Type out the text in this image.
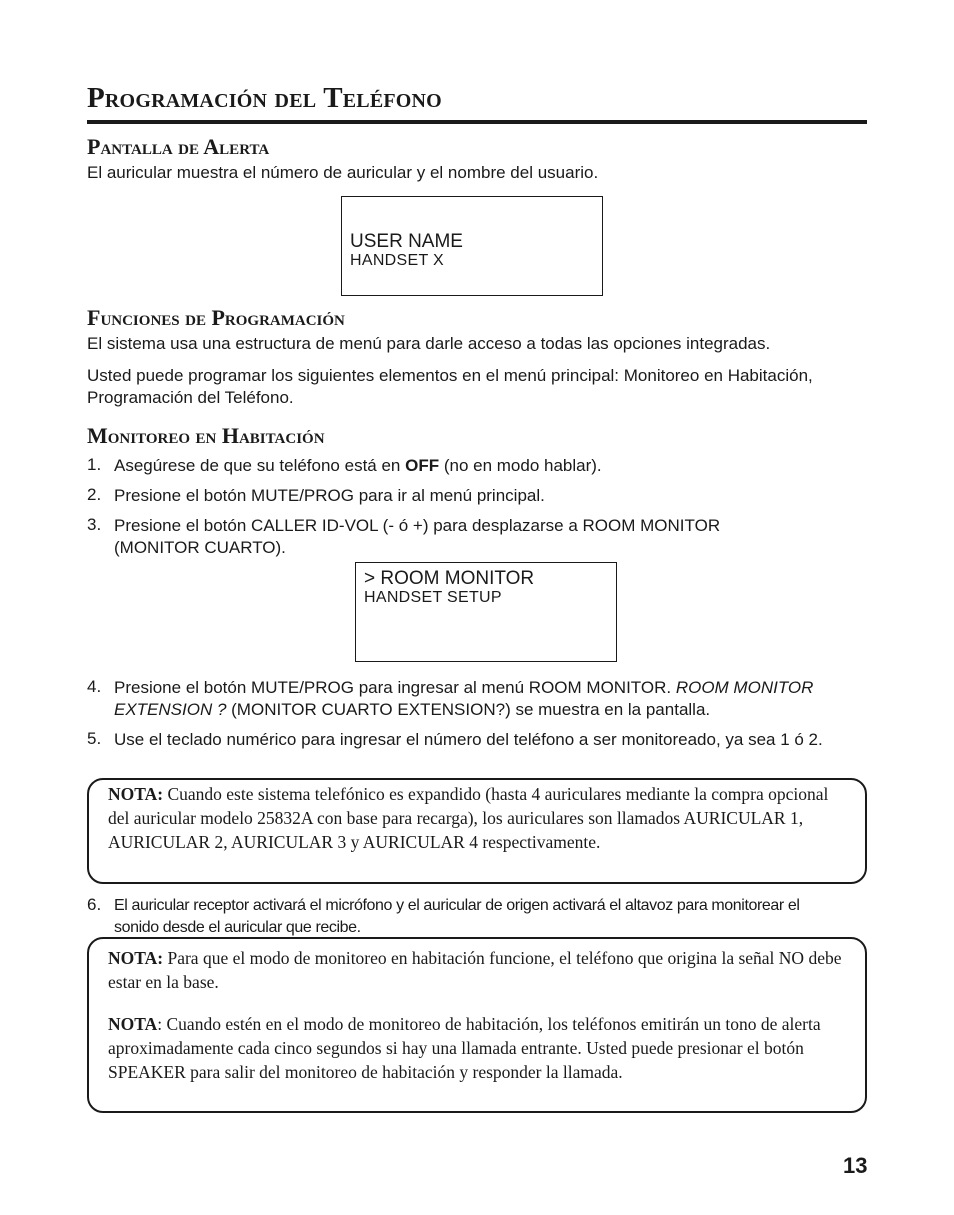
Programación del Teléfono
Pantalla de Alerta
El auricular muestra el número de auricular y el nombre del usuario.
USER NAME
HANDSET X
Funciones de Programación
El sistema usa una estructura de menú para darle acceso a todas las opciones integradas.
Usted puede programar los siguientes elementos en el menú principal: Monitoreo en Habitación, Programación del Teléfono.
Monitoreo en Habitación
1. Asegúrese de que su teléfono está en OFF (no en modo hablar).
2. Presione el botón MUTE/PROG para ir al menú principal.
3. Presione el botón CALLER ID-VOL (- ó +) para desplazarse a ROOM MONITOR (MONITOR CUARTO).
> ROOM MONITOR
HANDSET SETUP
4. Presione el botón MUTE/PROG para ingresar al menú ROOM MONITOR. ROOM MONITOR EXTENSION ? (MONITOR CUARTO EXTENSION?) se muestra en la pantalla.
5. Use el teclado numérico para ingresar el número del teléfono a ser monitoreado, ya sea 1 ó 2.
NOTA: Cuando este sistema telefónico es expandido (hasta 4 auriculares mediante la compra opcional del auricular modelo 25832A con base para recarga), los auriculares son llamados AURICULAR 1, AURICULAR 2, AURICULAR 3 y AURICULAR 4 respectivamente.
6. El auricular receptor activará el micrófono y el auricular de origen activará el altavoz para monitorear el sonido desde el auricular que recibe.
NOTA: Para que el modo de monitoreo en habitación funcione, el teléfono que origina la señal NO debe estar en la base.
NOTA: Cuando estén en el modo de monitoreo de habitación, los teléfonos emitirán un tono de alerta aproximadamente cada cinco segundos si hay una llamada entrante. Usted puede presionar el botón SPEAKER para salir del monitoreo de habitación y responder la llamada.
13
